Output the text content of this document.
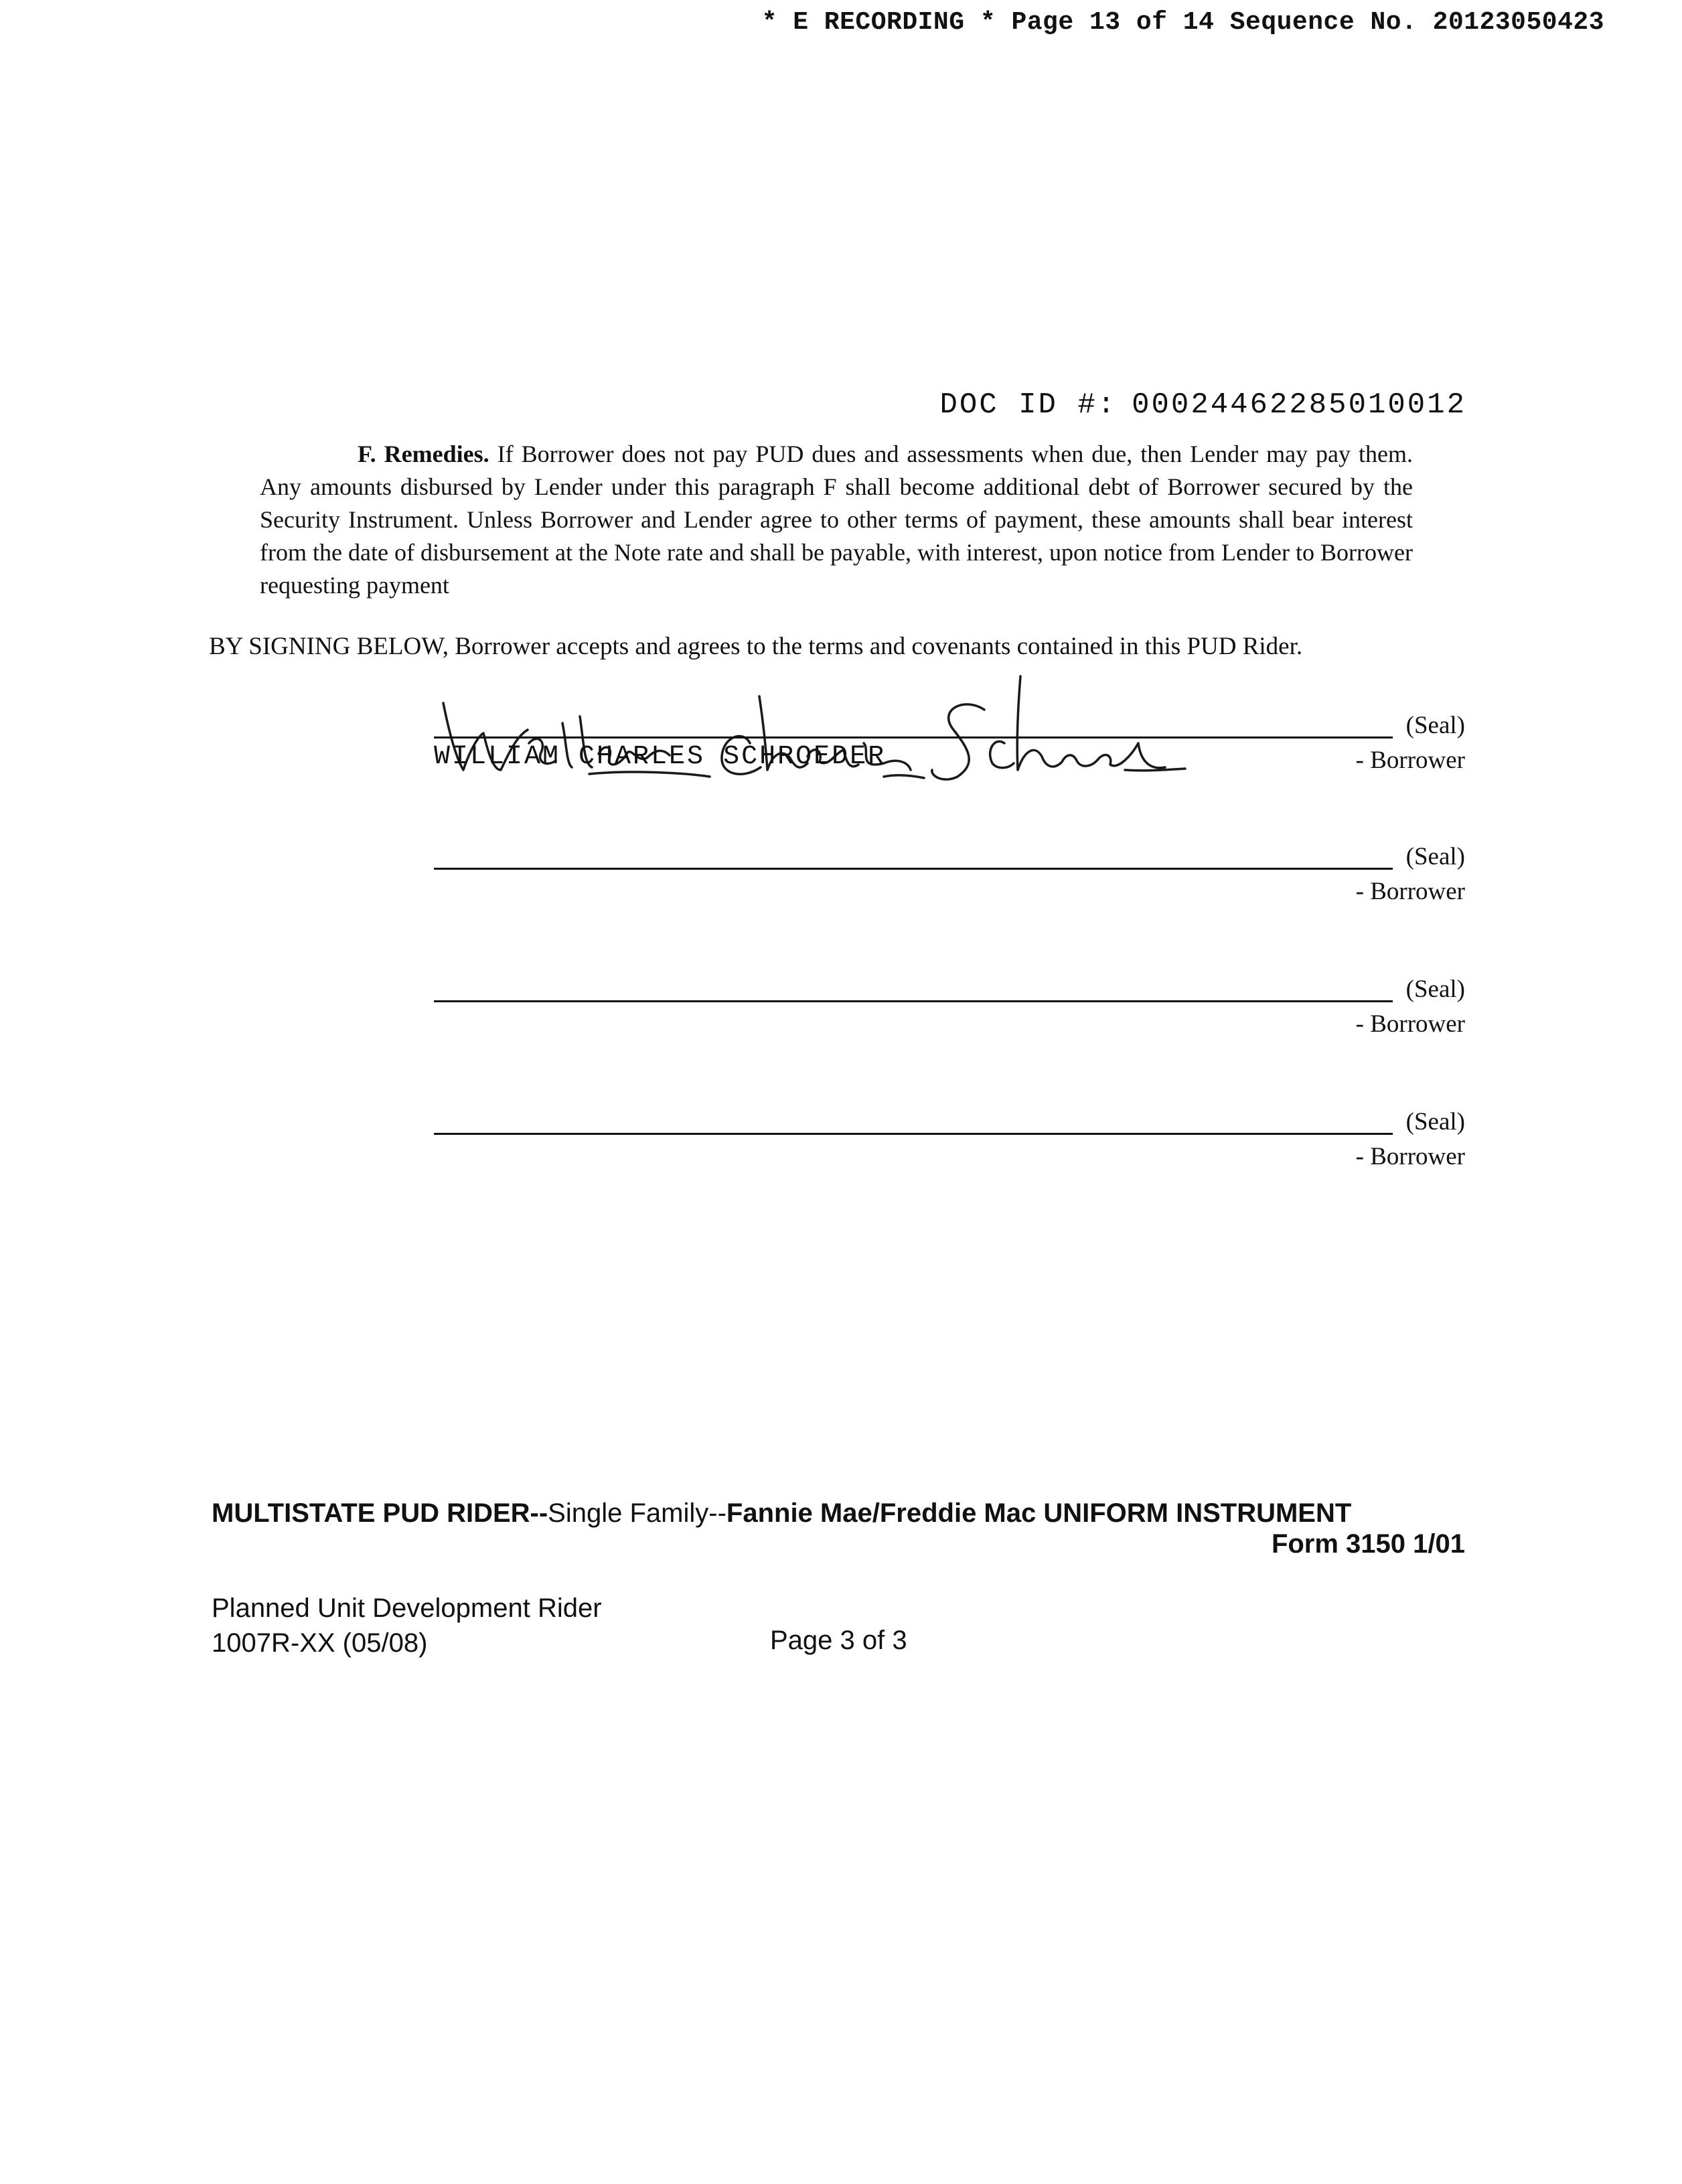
* E RECORDING * Page 13 of 14 Sequence No. 20123050423
DOC ID #: 00024462285010012
F. Remedies. If Borrower does not pay PUD dues and assessments when due, then Lender may pay them. Any amounts disbursed by Lender under this paragraph F shall become additional debt of Borrower secured by the Security Instrument. Unless Borrower and Lender agree to other terms of payment, these amounts shall bear interest from the date of disbursement at the Note rate and shall be payable, with interest, upon notice from Lender to Borrower requesting payment
BY SIGNING BELOW, Borrower accepts and agrees to the terms and covenants contained in this PUD Rider.
(Seal)
WILLIAM CHARLES SCHROEDER	- Borrower
(Seal)
- Borrower
(Seal)
- Borrower
(Seal)
- Borrower
MULTISTATE PUD RIDER--Single Family--Fannie Mae/Freddie Mac UNIFORM INSTRUMENT
Form 3150 1/01
Planned Unit Development Rider
1007R-XX (05/08)	Page 3 of 3
